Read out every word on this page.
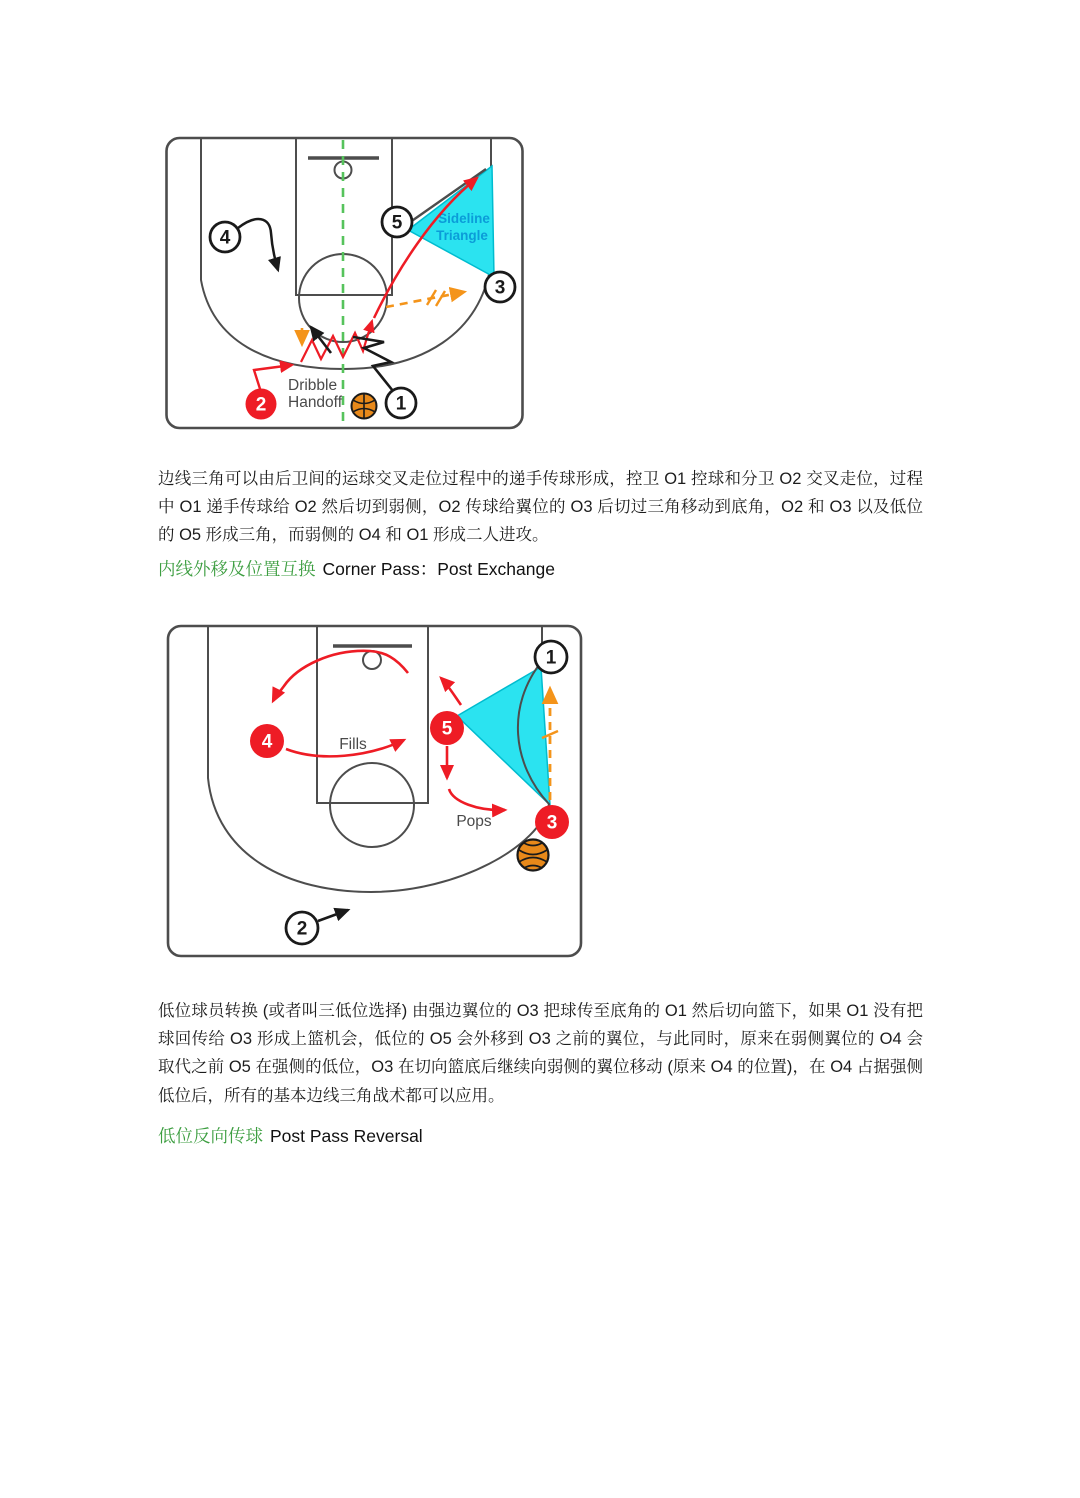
Sideline
Triangle
4
5
3
1
2
Dribble
Handoff

边线三角可以由后卫间的运球交叉走位过程中的递手传球形成，控卫 O1 控球和分卫 O2 交叉走位，过程中 O1 递手传球给 O2 然后切到弱侧，O2 传球给翼位的 O3 后切过三角移动到底角，O2 和 O3 以及低位的 O5 形成三角，而弱侧的 O4 和 O1 形成二人进攻。

内线外移及位置互换 Corner Pass：Post Exchange
1
4
5
3
2
Fills
Pops

低位球员转换 (或者叫三低位选择) 由强边翼位的 O3 把球传至底角的 O1 然后切向篮下，如果 O1 没有把球回传给 O3 形成上篮机会，低位的 O5 会外移到 O3 之前的翼位，与此同时，原来在弱侧翼位的 O4 会取代之前 O5 在强侧的低位，O3 在切向篮底后继续向弱侧的翼位移动 (原来 O4 的位置)，在 O4 占据强侧低位后，所有的基本边线三角战术都可以应用。

低位反向传球 Post Pass Reversal
